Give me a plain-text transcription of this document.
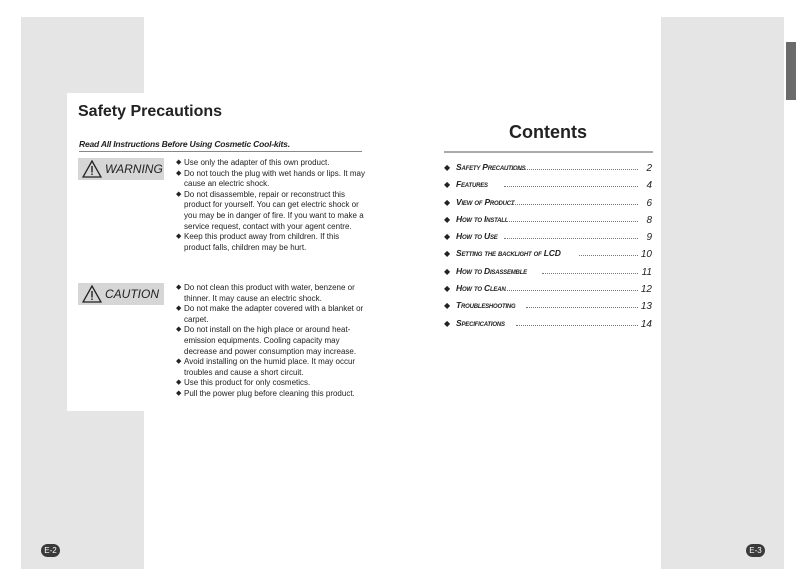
Safety Precautions
Read All Instructions Before Using Cosmetic Cool-kits.
WARNING ◆ Use only the adapter of this own product.
◆ Do not touch the plug with wet hands or lips. It may cause an electric shock.
◆ Do not disassemble, repair or reconstruct this product for yourself. You can get electric shock or you may be in danger of fire. If you want to make a service request, contact with your agent centre.
◆ Keep this product away from children. If this product falls, children may be hurt.
CAUTION ◆ Do not clean this product with water, benzene or thinner. It may cause an electric shock.
◆ Do not make the adapter covered with a blanket or carpet.
◆ Do not install on the high place or around heat-emission equipments. Cooling capacity may decrease and power consumption may increase.
◆ Avoid installing on the humid place. It may occur troubles and cause a short circuit.
◆ Use this product for only cosmetics.
◆ Pull the power plug before cleaning this product.
Contents
◆ Safety Precautions	2
◆ Features	4
◆ View of Product	6
◆ How to Install	8
◆ How to Use	9
◆ Setting the backlight of LCD	10
◆ How to Disassemble	11
◆ How to Clean	12
◆ Troubleshooting	13
◆ Specifications	14
E-2	E-3
